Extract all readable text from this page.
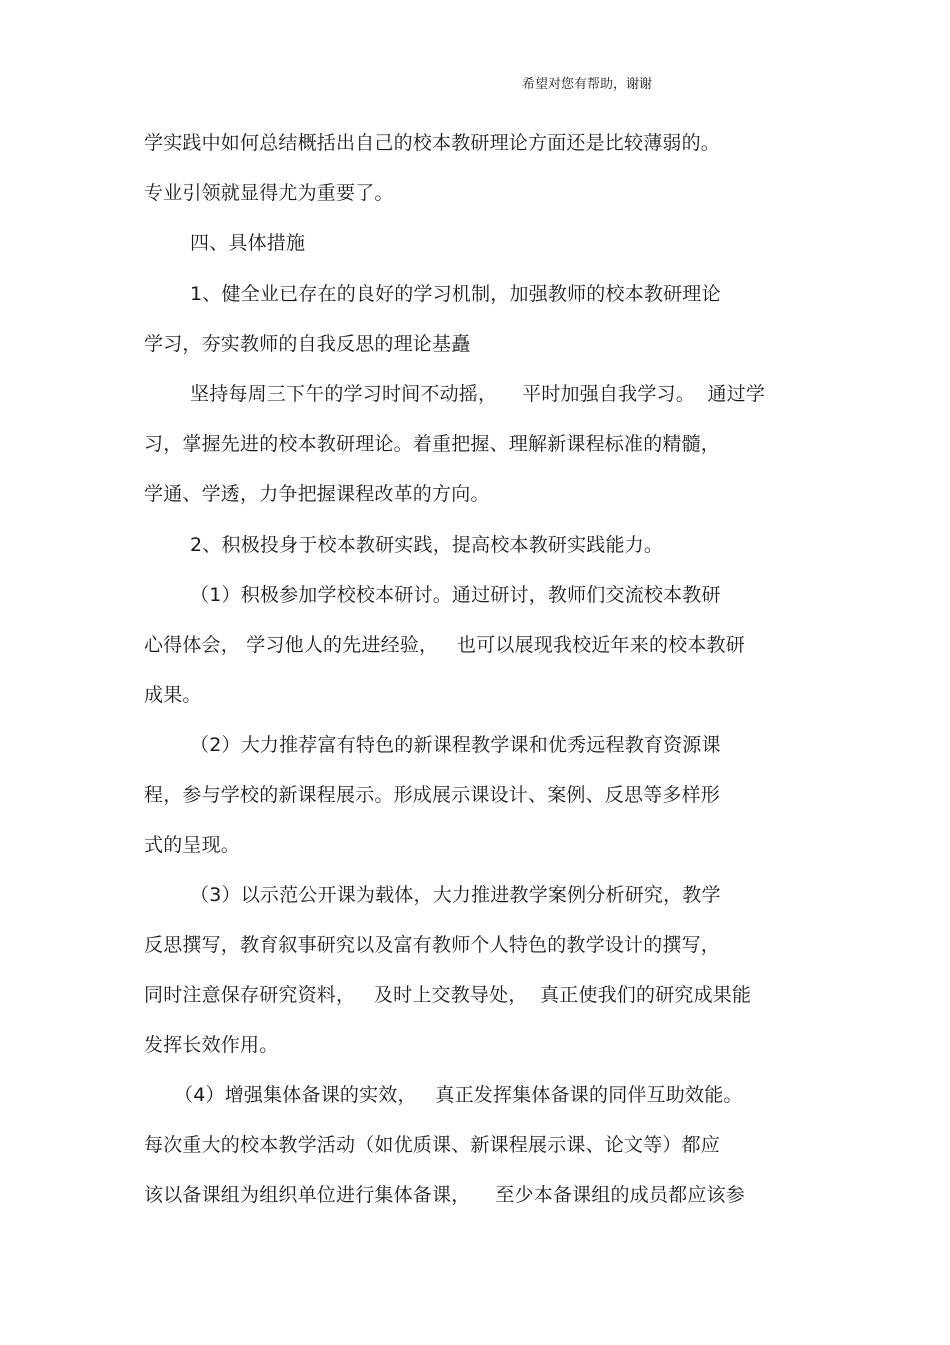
希望对您有帮助，谢谢
学实践中如何总结概括出自己的校本教研理论方面还是比较薄弱的。
专业引领就显得尤为重要了。
四、具体措施
1、健全业已存在的良好的学习机制，加强教师的校本教研理论
学习，夯实教师的自我反思的理论基矗
坚持每周三下午的学习时间不动摇，    平时加强自我学习。  通过学
习，掌握先进的校本教研理论。着重把握、理解新课程标准的精髓，
学通、学透，力争把握课程改革的方向。
2、积极投身于校本教研实践，提高校本教研实践能力。
（1）积极参加学校校本研讨。通过研讨，教师们交流校本教研
心得体会， 学习他人的先进经验，   也可以展现我校近年来的校本教研
成果。
（2）大力推荐富有特色的新课程教学课和优秀远程教育资源课
程，参与学校的新课程展示。形成展示课设计、案例、反思等多样形
式的呈现。
（3）以示范公开课为载体，大力推进教学案例分析研究，教学
反思撰写，教育叙事研究以及富有教师个人特色的教学设计的撰写，
同时注意保存研究资料，   及时上交教导处，  真正使我们的研究成果能
发挥长效作用。
（4）增强集体备课的实效，   真正发挥集体备课的同伴互助效能。
每次重大的校本教学活动（如优质课、新课程展示课、论文等）都应
该以备课组为组织单位进行集体备课，    至少本备课组的成员都应该参
